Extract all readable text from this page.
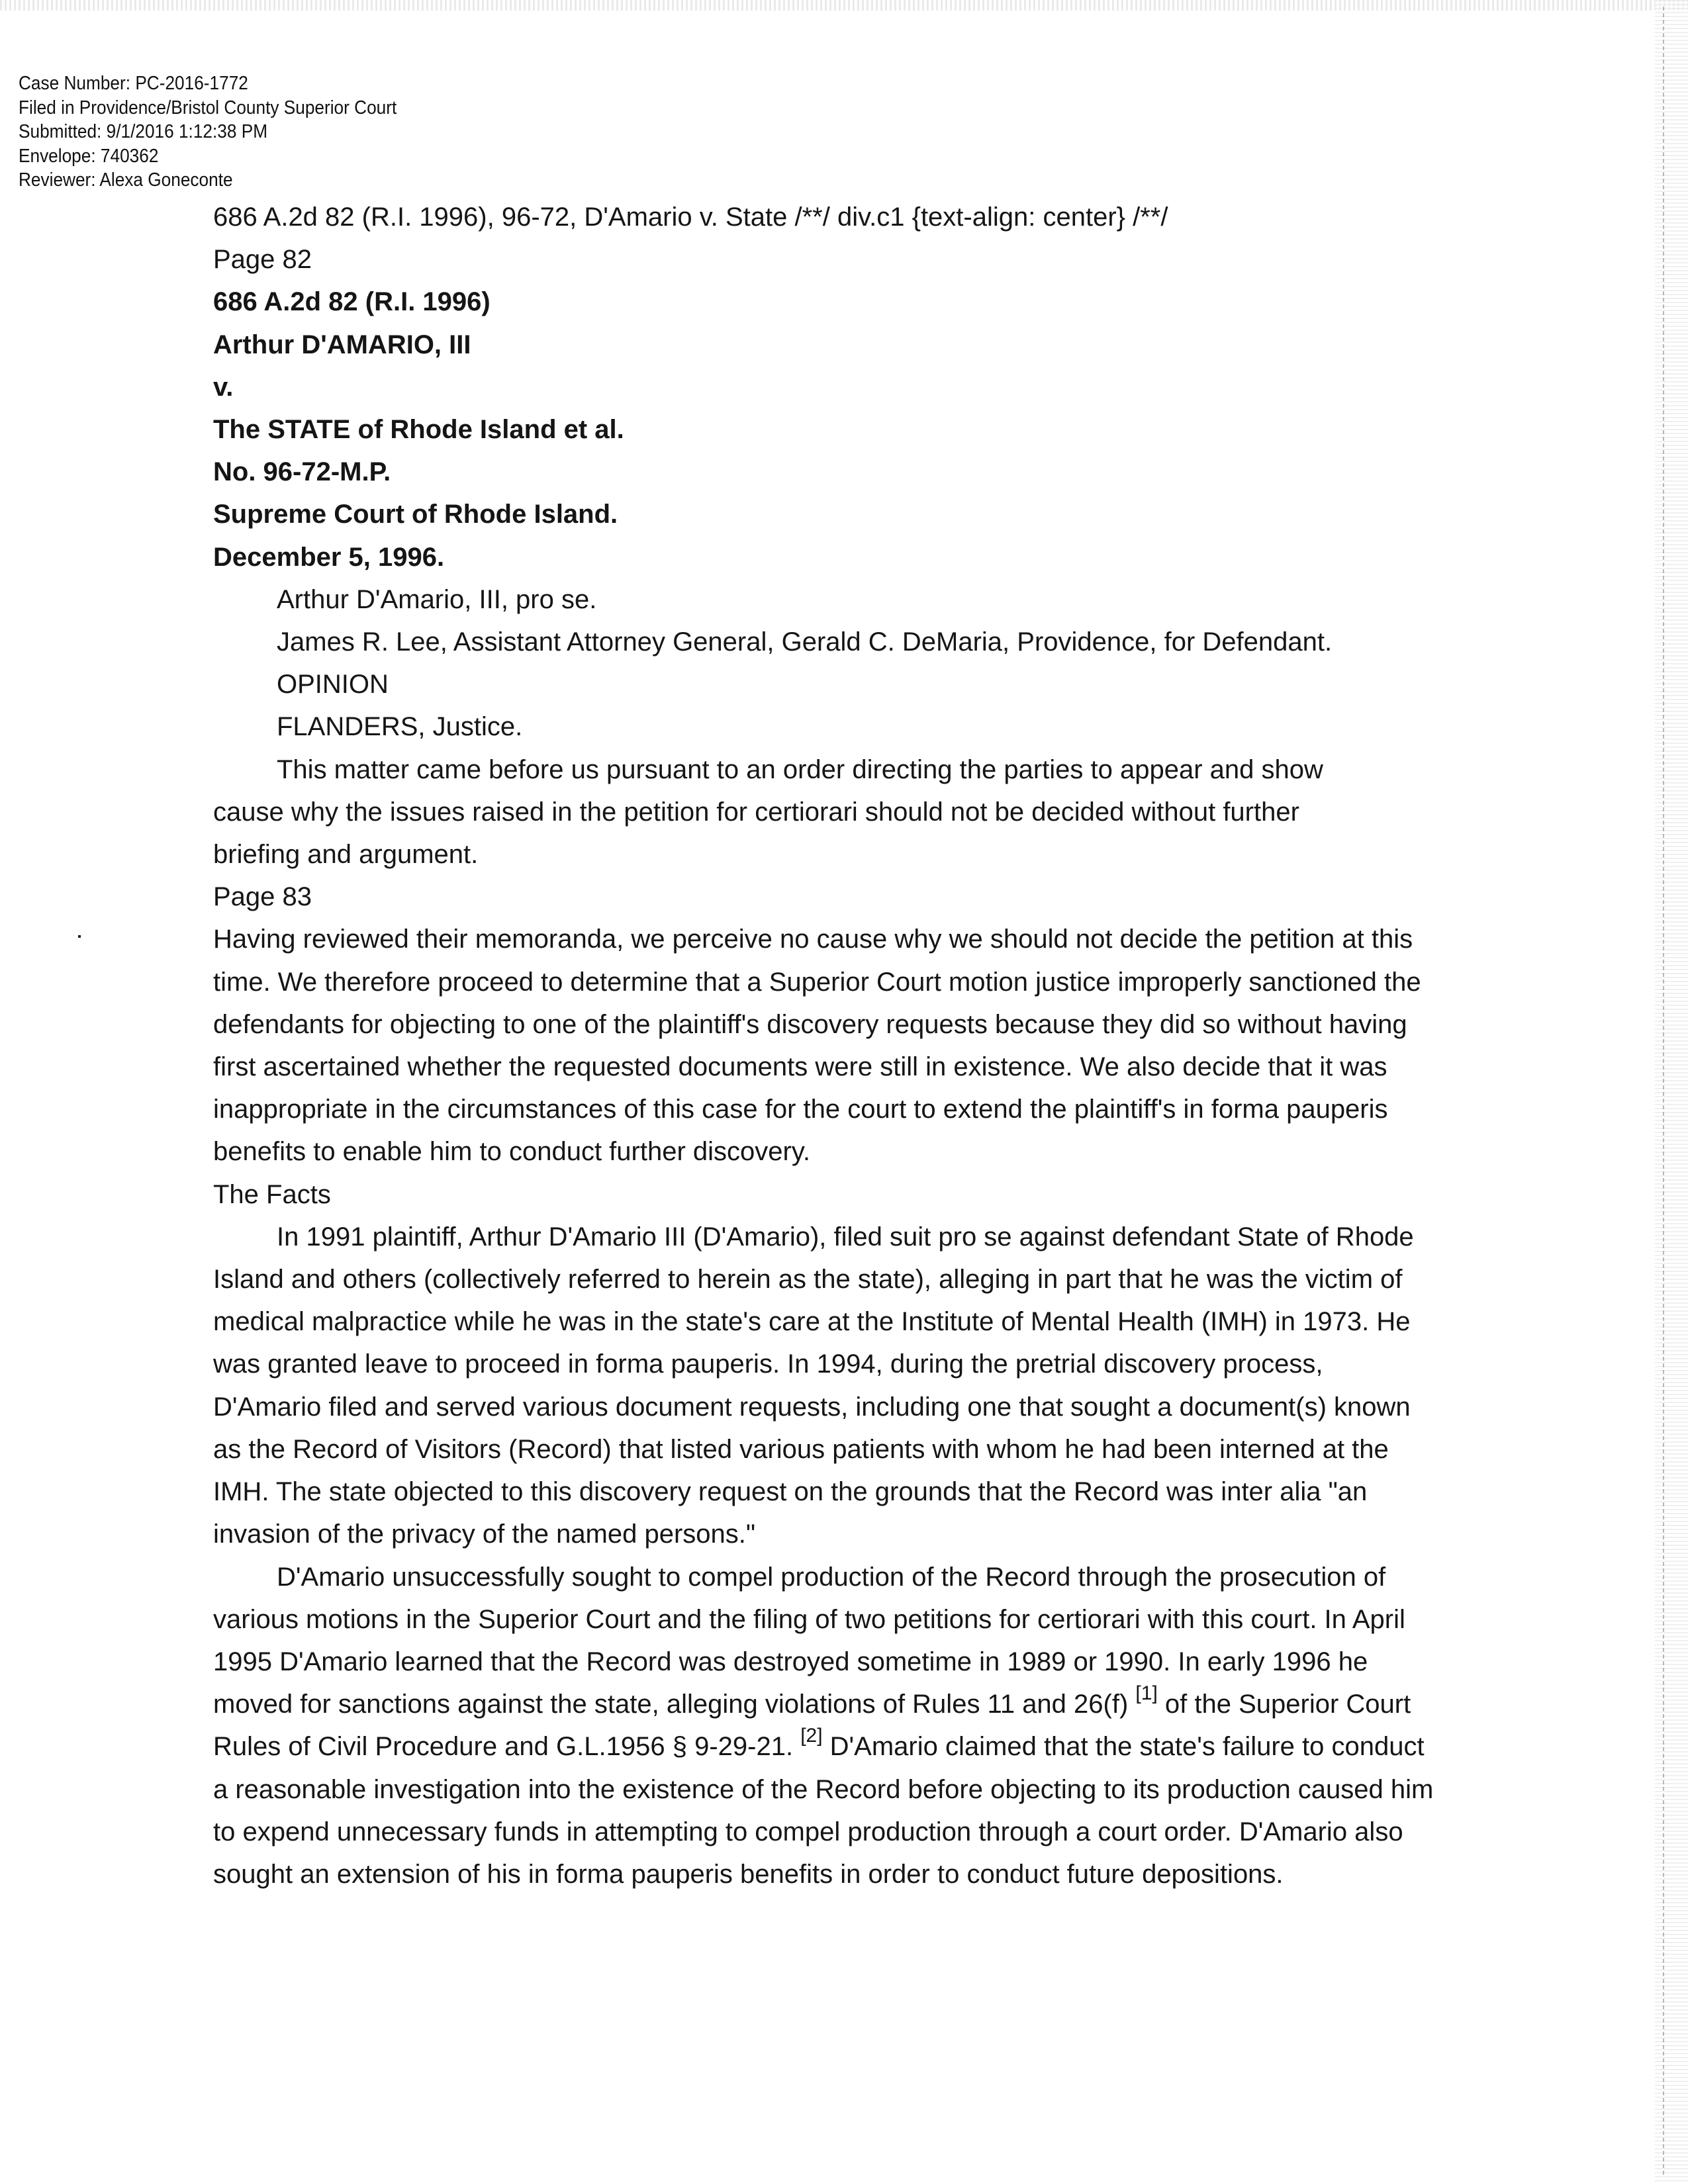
Case Number: PC-2016-1772
Filed in Providence/Bristol County Superior Court
Submitted: 9/1/2016 1:12:38 PM
Envelope: 740362
Reviewer: Alexa Goneconte
686 A.2d 82 (R.I. 1996), 96-72, D'Amario v. State /**/ div.c1 {text-align: center} /**/
Page 82
686 A.2d 82 (R.I. 1996)
Arthur D'AMARIO, III
v.
The STATE of Rhode Island et al.
No. 96-72-M.P.
Supreme Court of Rhode Island.
December 5, 1996.
Arthur D'Amario, III, pro se.
James R. Lee, Assistant Attorney General, Gerald C. DeMaria, Providence, for Defendant.
OPINION
FLANDERS, Justice.
This matter came before us pursuant to an order directing the parties to appear and show cause why the issues raised in the petition for certiorari should not be decided without further briefing and argument.
Page 83
Having reviewed their memoranda, we perceive no cause why we should not decide the petition at this time. We therefore proceed to determine that a Superior Court motion justice improperly sanctioned the defendants for objecting to one of the plaintiff's discovery requests because they did so without having first ascertained whether the requested documents were still in existence. We also decide that it was inappropriate in the circumstances of this case for the court to extend the plaintiff's in forma pauperis benefits to enable him to conduct further discovery.
The Facts
In 1991 plaintiff, Arthur D'Amario III (D'Amario), filed suit pro se against defendant State of Rhode Island and others (collectively referred to herein as the state), alleging in part that he was the victim of medical malpractice while he was in the state's care at the Institute of Mental Health (IMH) in 1973. He was granted leave to proceed in forma pauperis. In 1994, during the pretrial discovery process, D'Amario filed and served various document requests, including one that sought a document(s) known as the Record of Visitors (Record) that listed various patients with whom he had been interned at the IMH. The state objected to this discovery request on the grounds that the Record was inter alia "an invasion of the privacy of the named persons."
D'Amario unsuccessfully sought to compel production of the Record through the prosecution of various motions in the Superior Court and the filing of two petitions for certiorari with this court. In April 1995 D'Amario learned that the Record was destroyed sometime in 1989 or 1990. In early 1996 he moved for sanctions against the state, alleging violations of Rules 11 and 26(f) [1] of the Superior Court Rules of Civil Procedure and G.L.1956 § 9-29-21. [2] D'Amario claimed that the state's failure to conduct a reasonable investigation into the existence of the Record before objecting to its production caused him to expend unnecessary funds in attempting to compel production through a court order. D'Amario also sought an extension of his in forma pauperis benefits in order to conduct future depositions.
